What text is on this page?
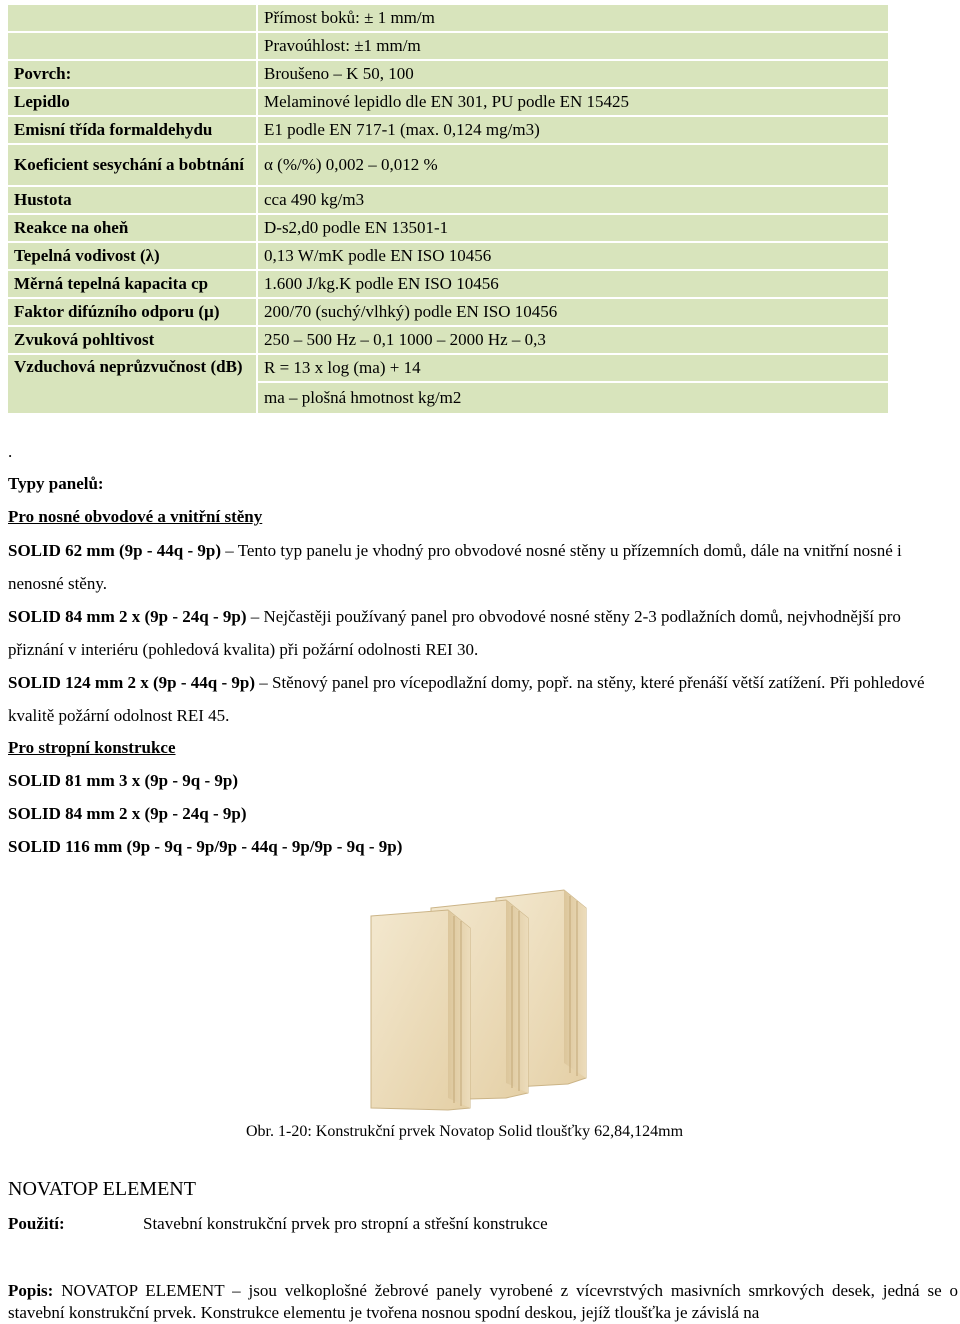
	Přímost boků: ± 1 mm/m
	Pravoúhlost: ±1 mm/m
Povrch:	Broušeno – K 50, 100
Lepidlo	Melaminové lepidlo dle EN 301, PU podle EN 15425
Emisní třída formaldehydu	E1 podle EN 717-1 (max. 0,124 mg/m3)
Koeficient sesychání a bobtnání	α (%/%) 0,002 – 0,012 %
Hustota	cca 490 kg/m3
Reakce na oheň	D-s2,d0 podle EN 13501-1
Tepelná vodivost (λ)	0,13 W/mK podle EN ISO 10456
Měrná tepelná kapacita cp	1.600 J/kg.K podle EN ISO 10456
Faktor difúzního odporu (µ)	200/70 (suchý/vlhký) podle EN ISO 10456
Zvuková pohltivost	250 – 500 Hz – 0,1 1000 – 2000 Hz – 0,3
Vzduchová neprůzvučnost (dB)	R = 13 x log (ma) + 14
	ma – plošná hmotnost kg/m2
.
Typy panelů:
Pro nosné obvodové a vnitřní stěny
SOLID 62 mm (9p - 44q - 9p) – Tento typ panelu je vhodný pro obvodové nosné stěny u přízemních domů, dále na vnitřní nosné i nenosné stěny.
SOLID 84 mm 2 x (9p - 24q - 9p) – Nejčastěji používaný panel pro obvodové nosné stěny 2-3 podlažních domů, nejvhodnější pro přiznání v interiéru (pohledová kvalita) při požární odolnosti REI 30.
SOLID 124 mm 2 x (9p - 44q - 9p) – Stěnový panel pro vícepodlažní domy, popř. na stěny, které přenáší větší zatížení. Při pohledové kvalitě požární odolnost REI 45.
Pro stropní konstrukce
SOLID 81 mm 3 x (9p - 9q - 9p)
SOLID 84 mm 2 x (9p - 24q - 9p)
SOLID 116 mm (9p - 9q - 9p/9p - 44q - 9p/9p - 9q - 9p)
Obr. 1-20: Konstrukční prvek Novatop Solid tloušťky 62,84,124mm
NOVATOP ELEMENT
Použití:	Stavební konstrukční prvek pro stropní a střešní konstrukce
Popis: NOVATOP ELEMENT – jsou velkoplošné žebrové panely vyrobené z vícevrstvých masivních smrkových desek, jedná se o stavební konstrukční prvek. Konstrukce elementu je tvořena nosnou spodní deskou, jejíž tloušťka je závislá na
